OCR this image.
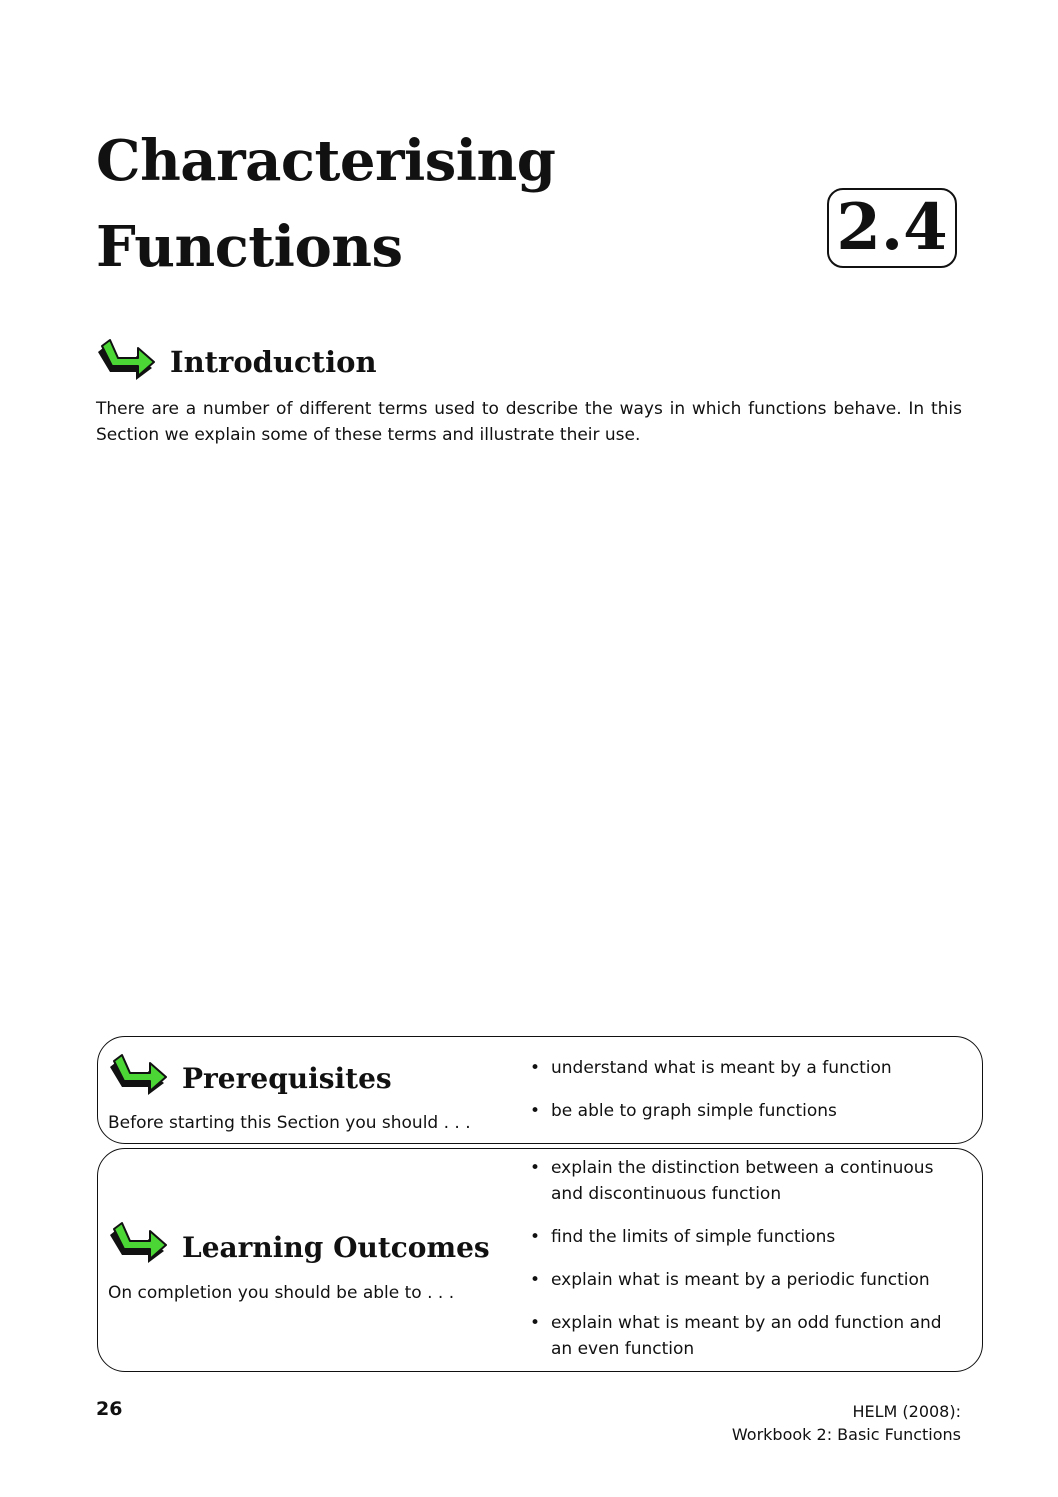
Characterising
Functions	2.4
Introduction
There are a number of different terms used to describe the ways in which functions behave. In this Section we explain some of these terms and illustrate their use.
Prerequisites
Before starting this Section you should . . .
• understand what is meant by a function
• be able to graph simple functions
Learning Outcomes
On completion you should be able to . . .
• explain the distinction between a continuous and discontinuous function
• find the limits of simple functions
• explain what is meant by a periodic function
• explain what is meant by an odd function and an even function
26	HELM (2008):
Workbook 2: Basic Functions
